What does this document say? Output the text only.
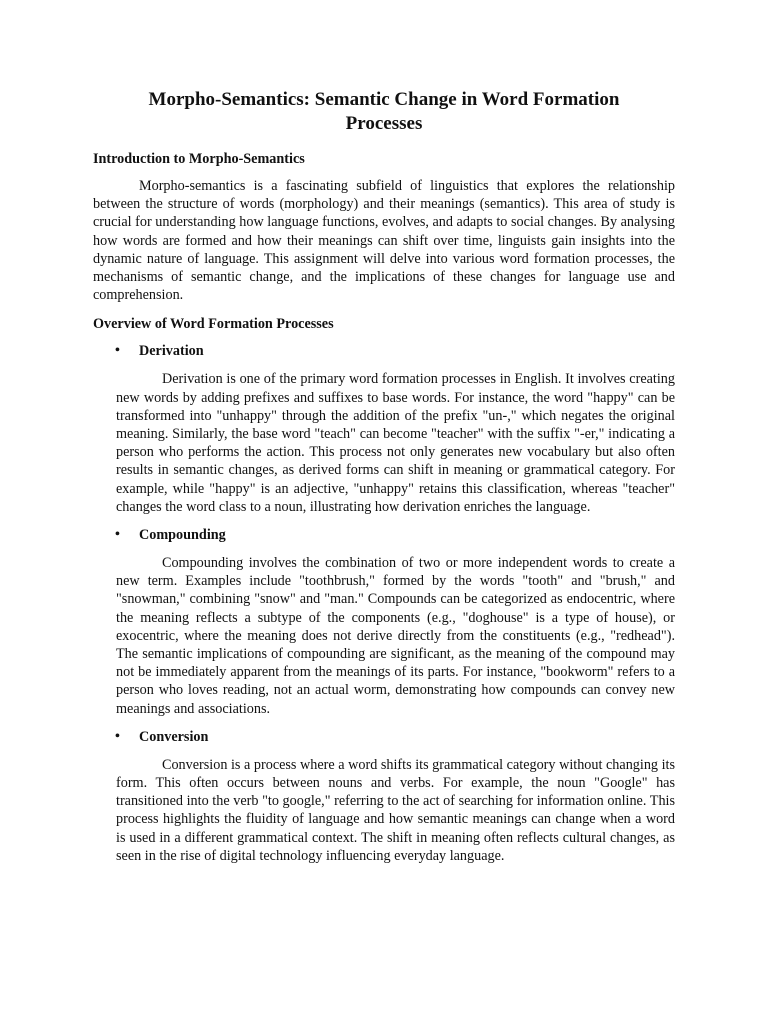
Morpho-Semantics: Semantic Change in Word Formation Processes
Introduction to Morpho-Semantics

Morpho-semantics is a fascinating subfield of linguistics that explores the relationship between the structure of words (morphology) and their meanings (semantics). This area of study is crucial for understanding how language functions, evolves, and adapts to social changes. By analysing how words are formed and how their meanings can shift over time, linguists gain insights into the dynamic nature of language. This assignment will delve into various word formation processes, the mechanisms of semantic change, and the implications of these changes for language use and comprehension.

Overview of Word Formation Processes
• Derivation

Derivation is one of the primary word formation processes in English. It involves creating new words by adding prefixes and suffixes to base words. For instance, the word "happy" can be transformed into "unhappy" through the addition of the prefix "un-," which negates the original meaning. Similarly, the base word "teach" can become "teacher" with the suffix "-er," indicating a person who performs the action. This process not only generates new vocabulary but also often results in semantic changes, as derived forms can shift in meaning or grammatical category. For example, while "happy" is an adjective, "unhappy" retains this classification, whereas "teacher" changes the word class to a noun, illustrating how derivation enriches the language.

• Compounding

Compounding involves the combination of two or more independent words to create a new term. Examples include "toothbrush," formed by the words "tooth" and "brush," and "snowman," combining "snow" and "man." Compounds can be categorized as endocentric, where the meaning reflects a subtype of the components (e.g., "doghouse" is a type of house), or exocentric, where the meaning does not derive directly from the constituents (e.g., "redhead"). The semantic implications of compounding are significant, as the meaning of the compound may not be immediately apparent from the meanings of its parts. For instance, "bookworm" refers to a person who loves reading, not an actual worm, demonstrating how compounds can convey new meanings and associations.

• Conversion

Conversion is a process where a word shifts its grammatical category without changing its form. This often occurs between nouns and verbs. For example, the noun "Google" has transitioned into the verb "to google," referring to the act of searching for information online. This process highlights the fluidity of language and how semantic meanings can change when a word is used in a different grammatical context. The shift in meaning often reflects cultural changes, as seen in the rise of digital technology influencing everyday language.
